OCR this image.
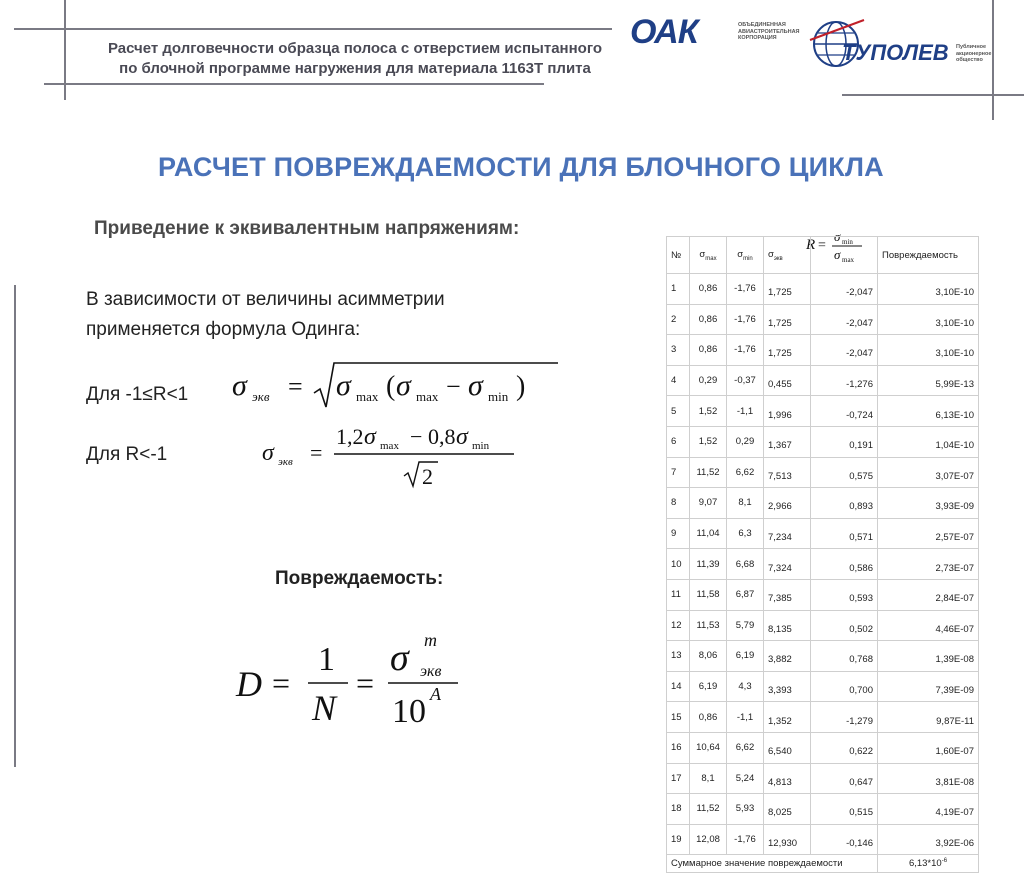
Расчет долговечности образца полоса с отверстием испытанного
по блочной программе нагружения для материала 1163Т плита
ОАК	ОБЪЕДИНЕННАЯ
АВИАСТРОИТЕЛЬНАЯ
КОРПОРАЦИЯ
ТУПОЛЕВ Публичное
акционерное
общество
РАСЧЕТ ПОВРЕЖДАЕМОСТИ ДЛЯ БЛОЧНОГО ЦИКЛА
Приведение к эквивалентным напряжениям:
В зависимости от величины асимметрии
применяется формула Одинга:
Для -1≤R<1
Для R<-1
σ экв = σ max ( σ max − σ min )
σ экв =
1,2 σ max − 0,8 σ min
2
Повреждаемость:
D =
1
N
=
σ m
экв
10 A
R =
σ min
σ max
№	$\sigma_{max}$	$\sigma_{min}$	$\sigma_{экв}$		Повреждаемость
1	0,86	-1,76	1,725	-2,047	3,10E-10
2	0,86	-1,76	1,725	-2,047	3,10E-10
3	0,86	-1,76	1,725	-2,047	3,10E-10
4	0,29	-0,37	0,455	-1,276	5,99E-13
5	1,52	-1,1	1,996	-0,724	6,13E-10
6	1,52	0,29	1,367	0,191	1,04E-10
7	11,52	6,62	7,513	0,575	3,07E-07
8	9,07	8,1	2,966	0,893	3,93E-09
9	11,04	6,3	7,234	0,571	2,57E-07
10	11,39	6,68	7,324	0,586	2,73E-07
11	11,58	6,87	7,385	0,593	2,84E-07
12	11,53	5,79	8,135	0,502	4,46E-07
13	8,06	6,19	3,882	0,768	1,39E-08
14	6,19	4,3	3,393	0,700	7,39E-09
15	0,86	-1,1	1,352	-1,279	9,87E-11
16	10,64	6,62	6,540	0,622	1,60E-07
17	8,1	5,24	4,813	0,647	3,81E-08
18	11,52	5,93	8,025	0,515	4,19E-07
19	12,08	-1,76	12,930	-0,146	3,92E-06
Суммарное значение повреждаемости					$6,13*10^{-6}$
